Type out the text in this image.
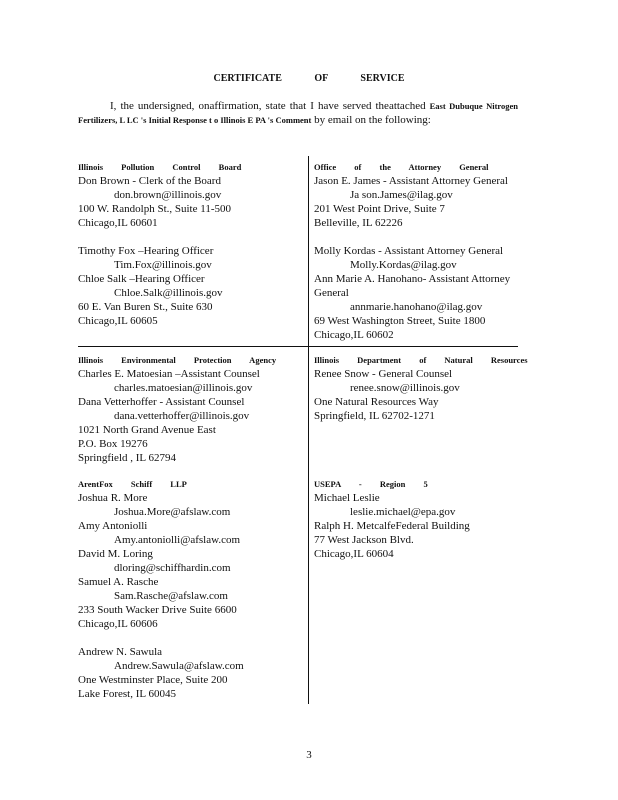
CERTIFICATE OF SERVICE
I, the undersigned, onaffirmation, state that I have served theattached East Dubuque Nitrogen Fertilizers, L LC 's Initial Response t o Illinois E PA 's Comment by email on the following:
Illinois Pollution Control Board
Don Brown - Clerk of the Board
don.brown@illinois.gov
100 W. Randolph St., Suite 11-500
Chicago,IL 60601
Timothy Fox –Hearing Officer
Tim.Fox@illinois.gov
Chloe Salk –Hearing Officer
Chloe.Salk@illinois.gov
60 E. Van Buren St., Suite 630
Chicago,IL 60605
Office of the Attorney General
Jason E. James - Assistant Attorney General
Ja son.James@ilag.gov
201 West Point Drive, Suite 7
Belleville, IL 62226
Molly Kordas - Assistant Attorney General
Molly.Kordas@ilag.gov
Ann Marie A. Hanohano- Assistant Attorney
General
annmarie.hanohano@ilag.gov
69 West Washington Street, Suite 1800
Chicago,IL 60602
Illinois Environmental Protection Agency
Charles E. Matoesian –Assistant Counsel
charles.matoesian@illinois.gov
Dana Vetterhoffer - Assistant Counsel
dana.vetterhoffer@illinois.gov
1021 North Grand Avenue East
P.O. Box 19276
Springfield , IL 62794
Illinois Department of Natural Resources
Renee Snow - General Counsel
renee.snow@illinois.gov
One Natural Resources Way
Springfield, IL 62702-1271
ArentFox Schiff LLP
Joshua R. More
Joshua.More@afslaw.com
Amy Antoniolli
Amy.antoniolli@afslaw.com
David M. Loring
dloring@schiffhardin.com
Samuel A. Rasche
Sam.Rasche@afslaw.com
233 South Wacker Drive Suite 6600
Chicago,IL 60606
Andrew N. Sawula
Andrew.Sawula@afslaw.com
One Westminster Place, Suite 200
Lake Forest, IL 60045
USEPA - Region 5
Michael Leslie
leslie.michael@epa.gov
Ralph H. MetcalfeFederal Building
77 West Jackson Blvd.
Chicago,IL 60604
3
